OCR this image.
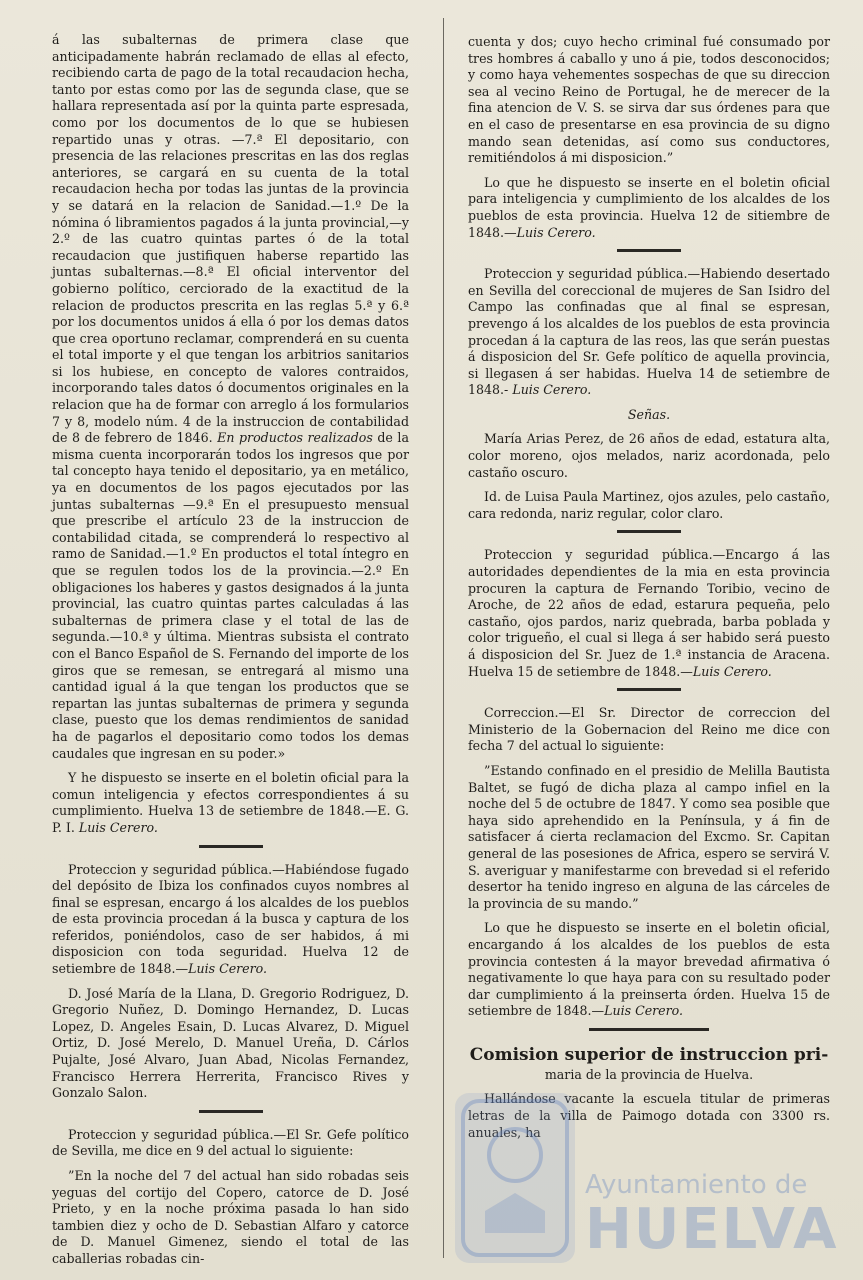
á las subalternas de primera clase que anticipadamente habrán reclamado de ellas al efecto, recibiendo carta de pago de la total recaudacion hecha, tanto por estas como por las de segunda clase, que se hallara representada así por la quinta parte espresada, como por los documentos de lo que se hubiesen repartido unas y otras. —7.ª El depositario, con presencia de las relaciones prescritas en las dos reglas anteriores, se cargará en su cuenta de la total recaudacion hecha por todas las juntas de la provincia y se datará en la relacion de Sanidad.—1.º De la nómina ó libramientos pagados á la junta provincial,—y 2.º de las cuatro quintas partes ó de la total recaudacion que justifiquen haberse repartido las juntas subalternas.—8.ª El oficial interventor del gobierno político, cerciorado de la exactitud de la relacion de productos prescrita en las reglas 5.ª y 6.ª por los documentos unidos á ella ó por los demas datos que crea oportuno reclamar, comprenderá en su cuenta el total importe y el que tengan los arbitrios sanitarios si los hubiese, en concepto de valores contraidos, incorporando tales datos ó documentos originales en la relacion que ha de formar con arreglo á los formularios 7 y 8, modelo núm. 4 de la instruccion de contabilidad de 8 de febrero de 1846. En productos realizados de la misma cuenta incorporarán todos los ingresos que por tal concepto haya tenido el depositario, ya en metálico, ya en documentos de los pagos ejecutados por las juntas subalternas —9.ª En el presupuesto mensual que prescribe el artículo 23 de la instruccion de contabilidad citada, se comprenderá lo respectivo al ramo de Sanidad.—1.º En productos el total íntegro en que se regulen todos los de la provincia.—2.º En obligaciones los haberes y gastos designados á la junta provincial, las cuatro quintas partes calculadas á las subalternas de primera clase y el total de las de segunda.—10.ª y última. Mientras subsista el contrato con el Banco Español de S. Fernando del importe de los giros que se remesan, se entregará al mismo una cantidad igual á la que tengan los productos que se repartan las juntas subalternas de primera y segunda clase, puesto que los demas rendimientos de sanidad ha de pagarlos el depositario como todos los demas caudales que ingresan en su poder.»

Y he dispuesto se inserte en el boletin oficial para la comun inteligencia y efectos correspondientes á su cumplimiento. Huelva 13 de setiembre de 1848.—E. G. P. I. Luis Cerero.

Proteccion y seguridad pública.—Habiéndose fugado del depósito de Ibiza los confinados cuyos nombres al final se espresan, encargo á los alcaldes de los pueblos de esta provincia procedan á la busca y captura de los referidos, poniéndolos, caso de ser habidos, á mi disposicion con toda seguridad. Huelva 12 de setiembre de 1848.—Luis Cerero.

D. José María de la Llana, D. Gregorio Rodriguez, D. Gregorio Nuñez, D. Domingo Hernandez, D. Lucas Lopez, D. Angeles Esain, D. Lucas Alvarez, D. Miguel Ortiz, D. José Merelo, D. Manuel Ureña, D. Cárlos Pujalte, José Alvaro, Juan Abad, Nicolas Fernandez, Francisco Herrera Herrerita, Francisco Rives y Gonzalo Salon.

Proteccion y seguridad pública.—El Sr. Gefe político de Sevilla, me dice en 9 del actual lo siguiente:

”En la noche del 7 del actual han sido robadas seis yeguas del cortijo del Copero, catorce de D. José Prieto, y en la noche próxima pasada lo han sido tambien diez y ocho de D. Sebastian Alfaro y catorce de D. Manuel Gimenez, siendo el total de las caballerias robadas cin-

cuenta y dos; cuyo hecho criminal fué consumado por tres hombres á caballo y uno á pie, todos desconocidos; y como haya vehementes sospechas de que su direccion sea al vecino Reino de Portugal, he de merecer de la fina atencion de V. S. se sirva dar sus órdenes para que en el caso de presentarse en esa provincia de su digno mando sean detenidas, así como sus conductores, remitiéndolos á mi disposicion.”

Lo que he dispuesto se inserte en el boletin oficial para inteligencia y cumplimiento de los alcaldes de los pueblos de esta provincia. Huelva 12 de sitiembre de 1848.—Luis Cerero.

Proteccion y seguridad pública.—Habiendo desertado en Sevilla del coreccional de mujeres de San Isidro del Campo las confinadas que al final se espresan, prevengo á los alcaldes de los pueblos de esta provincia procedan á la captura de las reos, las que serán puestas á disposicion del Sr. Gefe político de aquella provincia, si llegasen á ser habidas. Huelva 14 de setiembre de 1848.- Luis Cerero.

Señas.

María Arias Perez, de 26 años de edad, estatura alta, color moreno, ojos melados, nariz acordonada, pelo castaño oscuro.

Id. de Luisa Paula Martinez, ojos azules, pelo castaño, cara redonda, nariz regular, color claro.

Proteccion y seguridad pública.—Encargo á las autoridades dependientes de la mia en esta provincia procuren la captura de Fernando Toribio, vecino de Aroche, de 22 años de edad, estarura pequeña, pelo castaño, ojos pardos, nariz quebrada, barba poblada y color trigueño, el cual si llega á ser habido será puesto á disposicion del Sr. Juez de 1.ª instancia de Aracena. Huelva 15 de setiembre de 1848.—Luis Cerero.

Correccion.—El Sr. Director de correccion del Ministerio de la Gobernacion del Reino me dice con fecha 7 del actual lo siguiente:

”Estando confinado en el presidio de Melilla Bautista Baltet, se fugó de dicha plaza al campo infiel en la noche del 5 de octubre de 1847. Y como sea posible que haya sido aprehendido en la Península, y á fin de satisfacer á cierta reclamacion del Excmo. Sr. Capitan general de las posesiones de Africa, espero se servirá V. S. averiguar y manifestarme con brevedad si el referido desertor ha tenido ingreso en alguna de las cárceles de la provincia de su mando.”

Lo que he dispuesto se inserte en el boletin oficial, encargando á los alcaldes de los pueblos de esta provincia contesten á la mayor brevedad afirmativa ó negativamente lo que haya para con su resultado poder dar cumplimiento á la preinserta órden. Huelva 15 de setiembre de 1848.—Luis Cerero.

Comision superior de instruccion pri-
maria de la provincia de Huelva.

Hallándose vacante la escuela titular de primeras letras de la villa de Paimogo dotada con 3300 rs. anuales, ha

Ayuntamiento de
HUELVA
